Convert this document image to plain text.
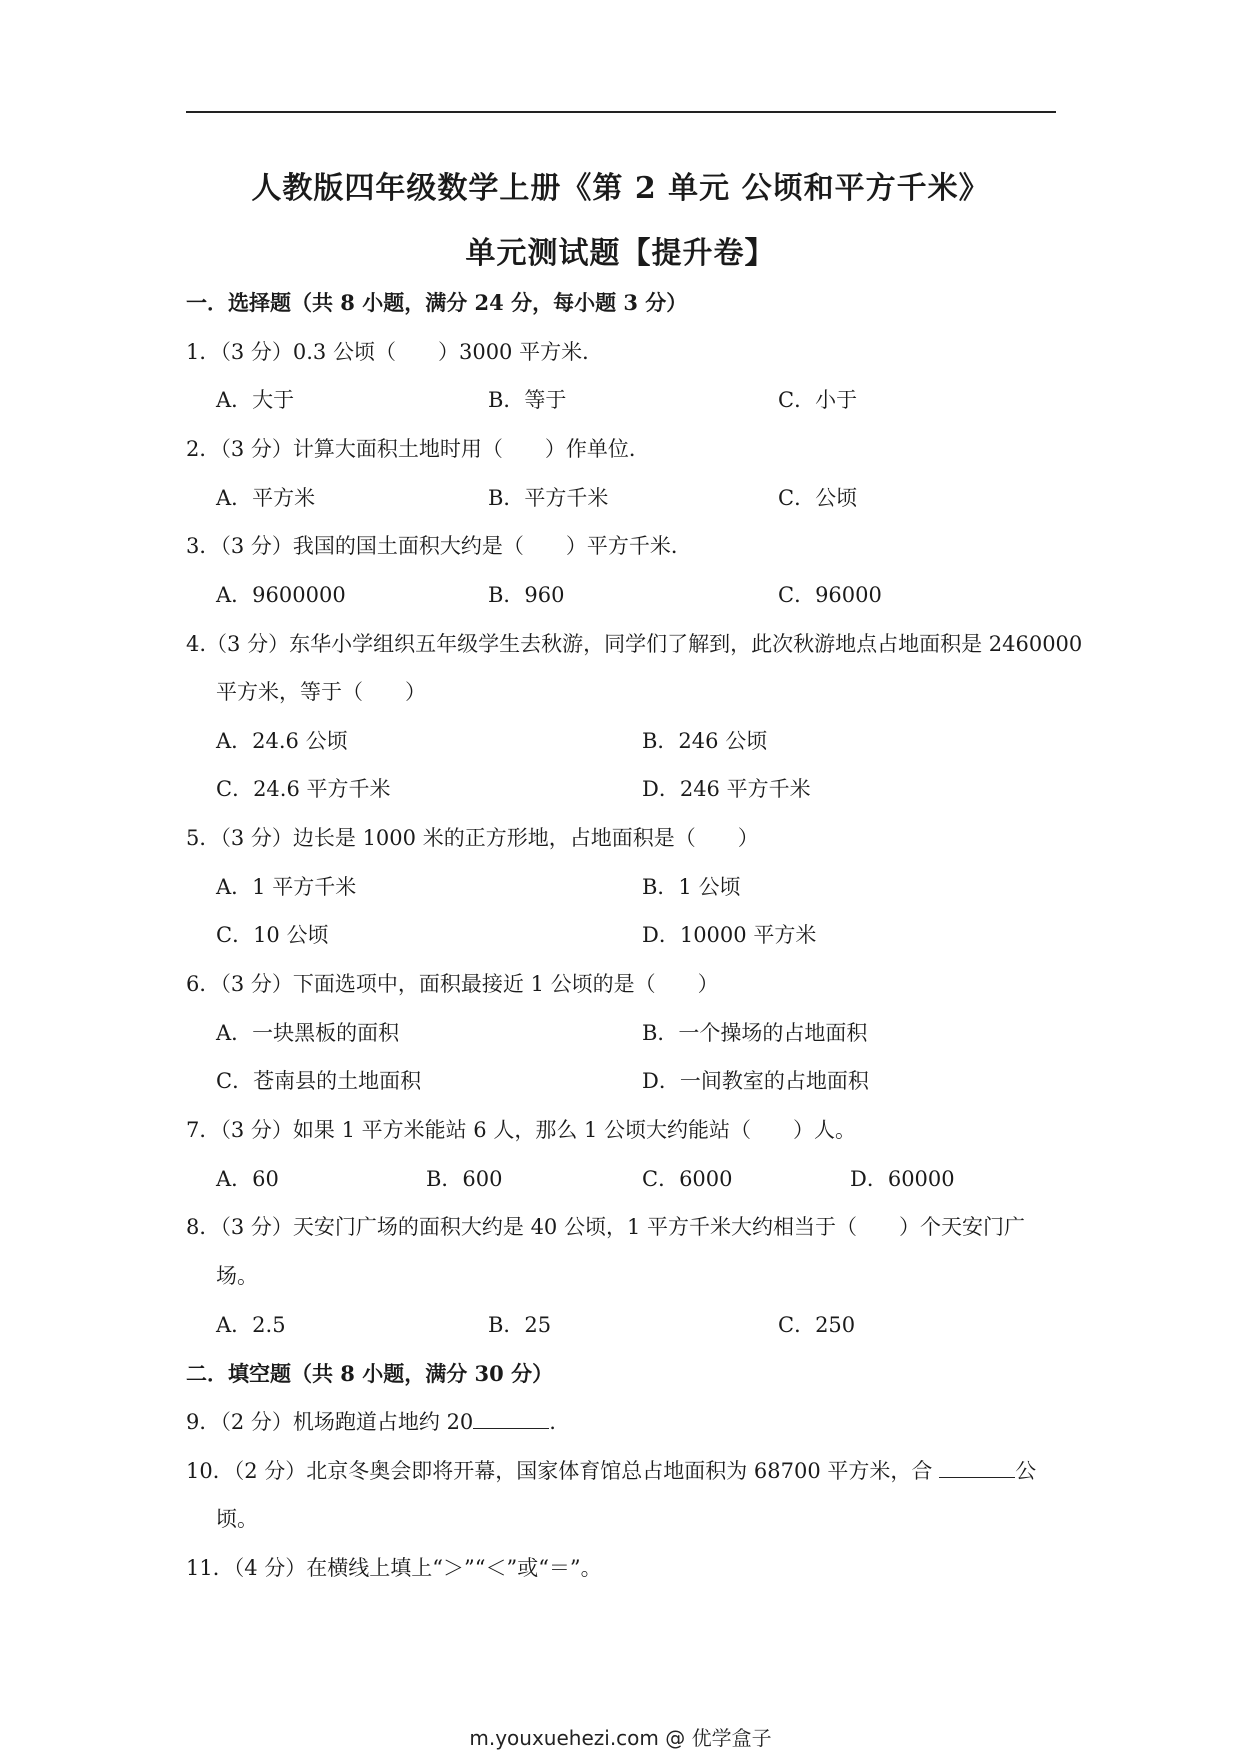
人教版四年级数学上册《第 2 单元 公顷和平方千米》
单元测试题【提升卷】
一．选择题（共 8 小题，满分 24 分，每小题 3 分）
1．（3 分）0.3 公顷（　　）3000 平方米．
A．大于	B．等于	C．小于
2．（3 分）计算大面积土地时用（　　）作单位．
A．平方米	B．平方千米	C．公顷
3．（3 分）我国的国土面积大约是（　　）平方千米．
A．9600000	B．960	C．96000
4.（3 分）东华小学组织五年级学生去秋游，同学们了解到，此次秋游地点占地面积是 2460000
平方米，等于（　　）
A．24.6 公顷	B．246 公顷
C．24.6 平方千米	D．246 平方千米
5．（3 分）边长是 1000 米的正方形地，占地面积是（　　）
A．1 平方千米	B．1 公顷
C．10 公顷	D．10000 平方米
6．（3 分）下面选项中，面积最接近 1 公顷的是（　　）
A．一块黑板的面积	B．一个操场的占地面积
C．苍南县的土地面积	D．一间教室的占地面积
7．（3 分）如果 1 平方米能站 6 人，那么 1 公顷大约能站（　　）人。
A．60	B．600	C．6000	D．60000
8．（3 分）天安门广场的面积大约是 40 公顷，1 平方千米大约相当于（　　）个天安门广
场。
A．2.5	B．25	C．250
二．填空题（共 8 小题，满分 30 分）
9．（2 分）机场跑道占地约 20	.
10．（2 分）北京冬奥会即将开幕，国家体育馆总占地面积为 68700 平方米，合	公
顷。
11．（4 分）在横线上填上“＞”“＜”或“＝”。
m.youxuehezi.com @ 优学盒子
